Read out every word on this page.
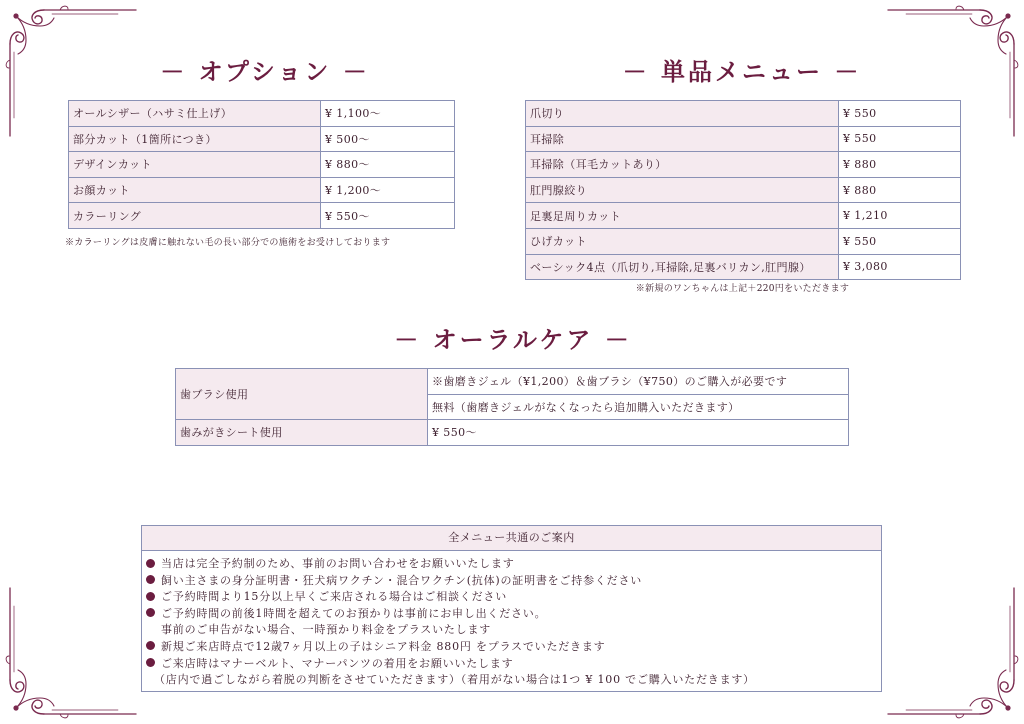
－ オプション －
オールシザー（ハサミ仕上げ）	¥ 1,100～
部分カット（1箇所につき）	¥ 500～
デザインカット	¥ 880～
お顔カット	¥ 1,200～
カラーリング	¥ 550～
※カラーリングは皮膚に触れない毛の長い部分での施術をお受けしております
－ 単品メニュー －
爪切り	¥ 550
耳掃除	¥ 550
耳掃除（耳毛カットあり）	¥ 880
肛門腺絞り	¥ 880
足裏足周りカット	¥ 1,210
ひげカット	¥ 550
ベーシック4点（爪切り,耳掃除,足裏バリカン,肛門腺）	¥ 3,080
※新規のワンちゃんは上記＋220円をいただきます
－ オーラルケア －
歯ブラシ使用	※歯磨きジェル（¥1,200）＆歯ブラシ（¥750）のご購入が必要です
	無料（歯磨きジェルがなくなったら追加購入いただきます）
歯みがきシート使用	¥ 550～
全メニュー共通のご案内
当店は完全予約制のため、事前のお問い合わせをお願いいたします
飼い主さまの身分証明書・狂犬病ワクチン・混合ワクチン(抗体)の証明書をご持参ください
ご予約時間より15分以上早くご来店される場合はご相談ください
ご予約時間の前後1時間を超えてのお預かりは事前にお申し出ください。
事前のご申告がない場合、一時預かり料金をプラスいたします
新規ご来店時点で12歳7ヶ月以上の子はシニア料金 880円 をプラスでいただきます
ご来店時はマナーベルト、マナーパンツの着用をお願いいたします
（店内で過ごしながら着脱の判断をさせていただきます）（着用がない場合は1つ ¥ 100 でご購入いただきます）
